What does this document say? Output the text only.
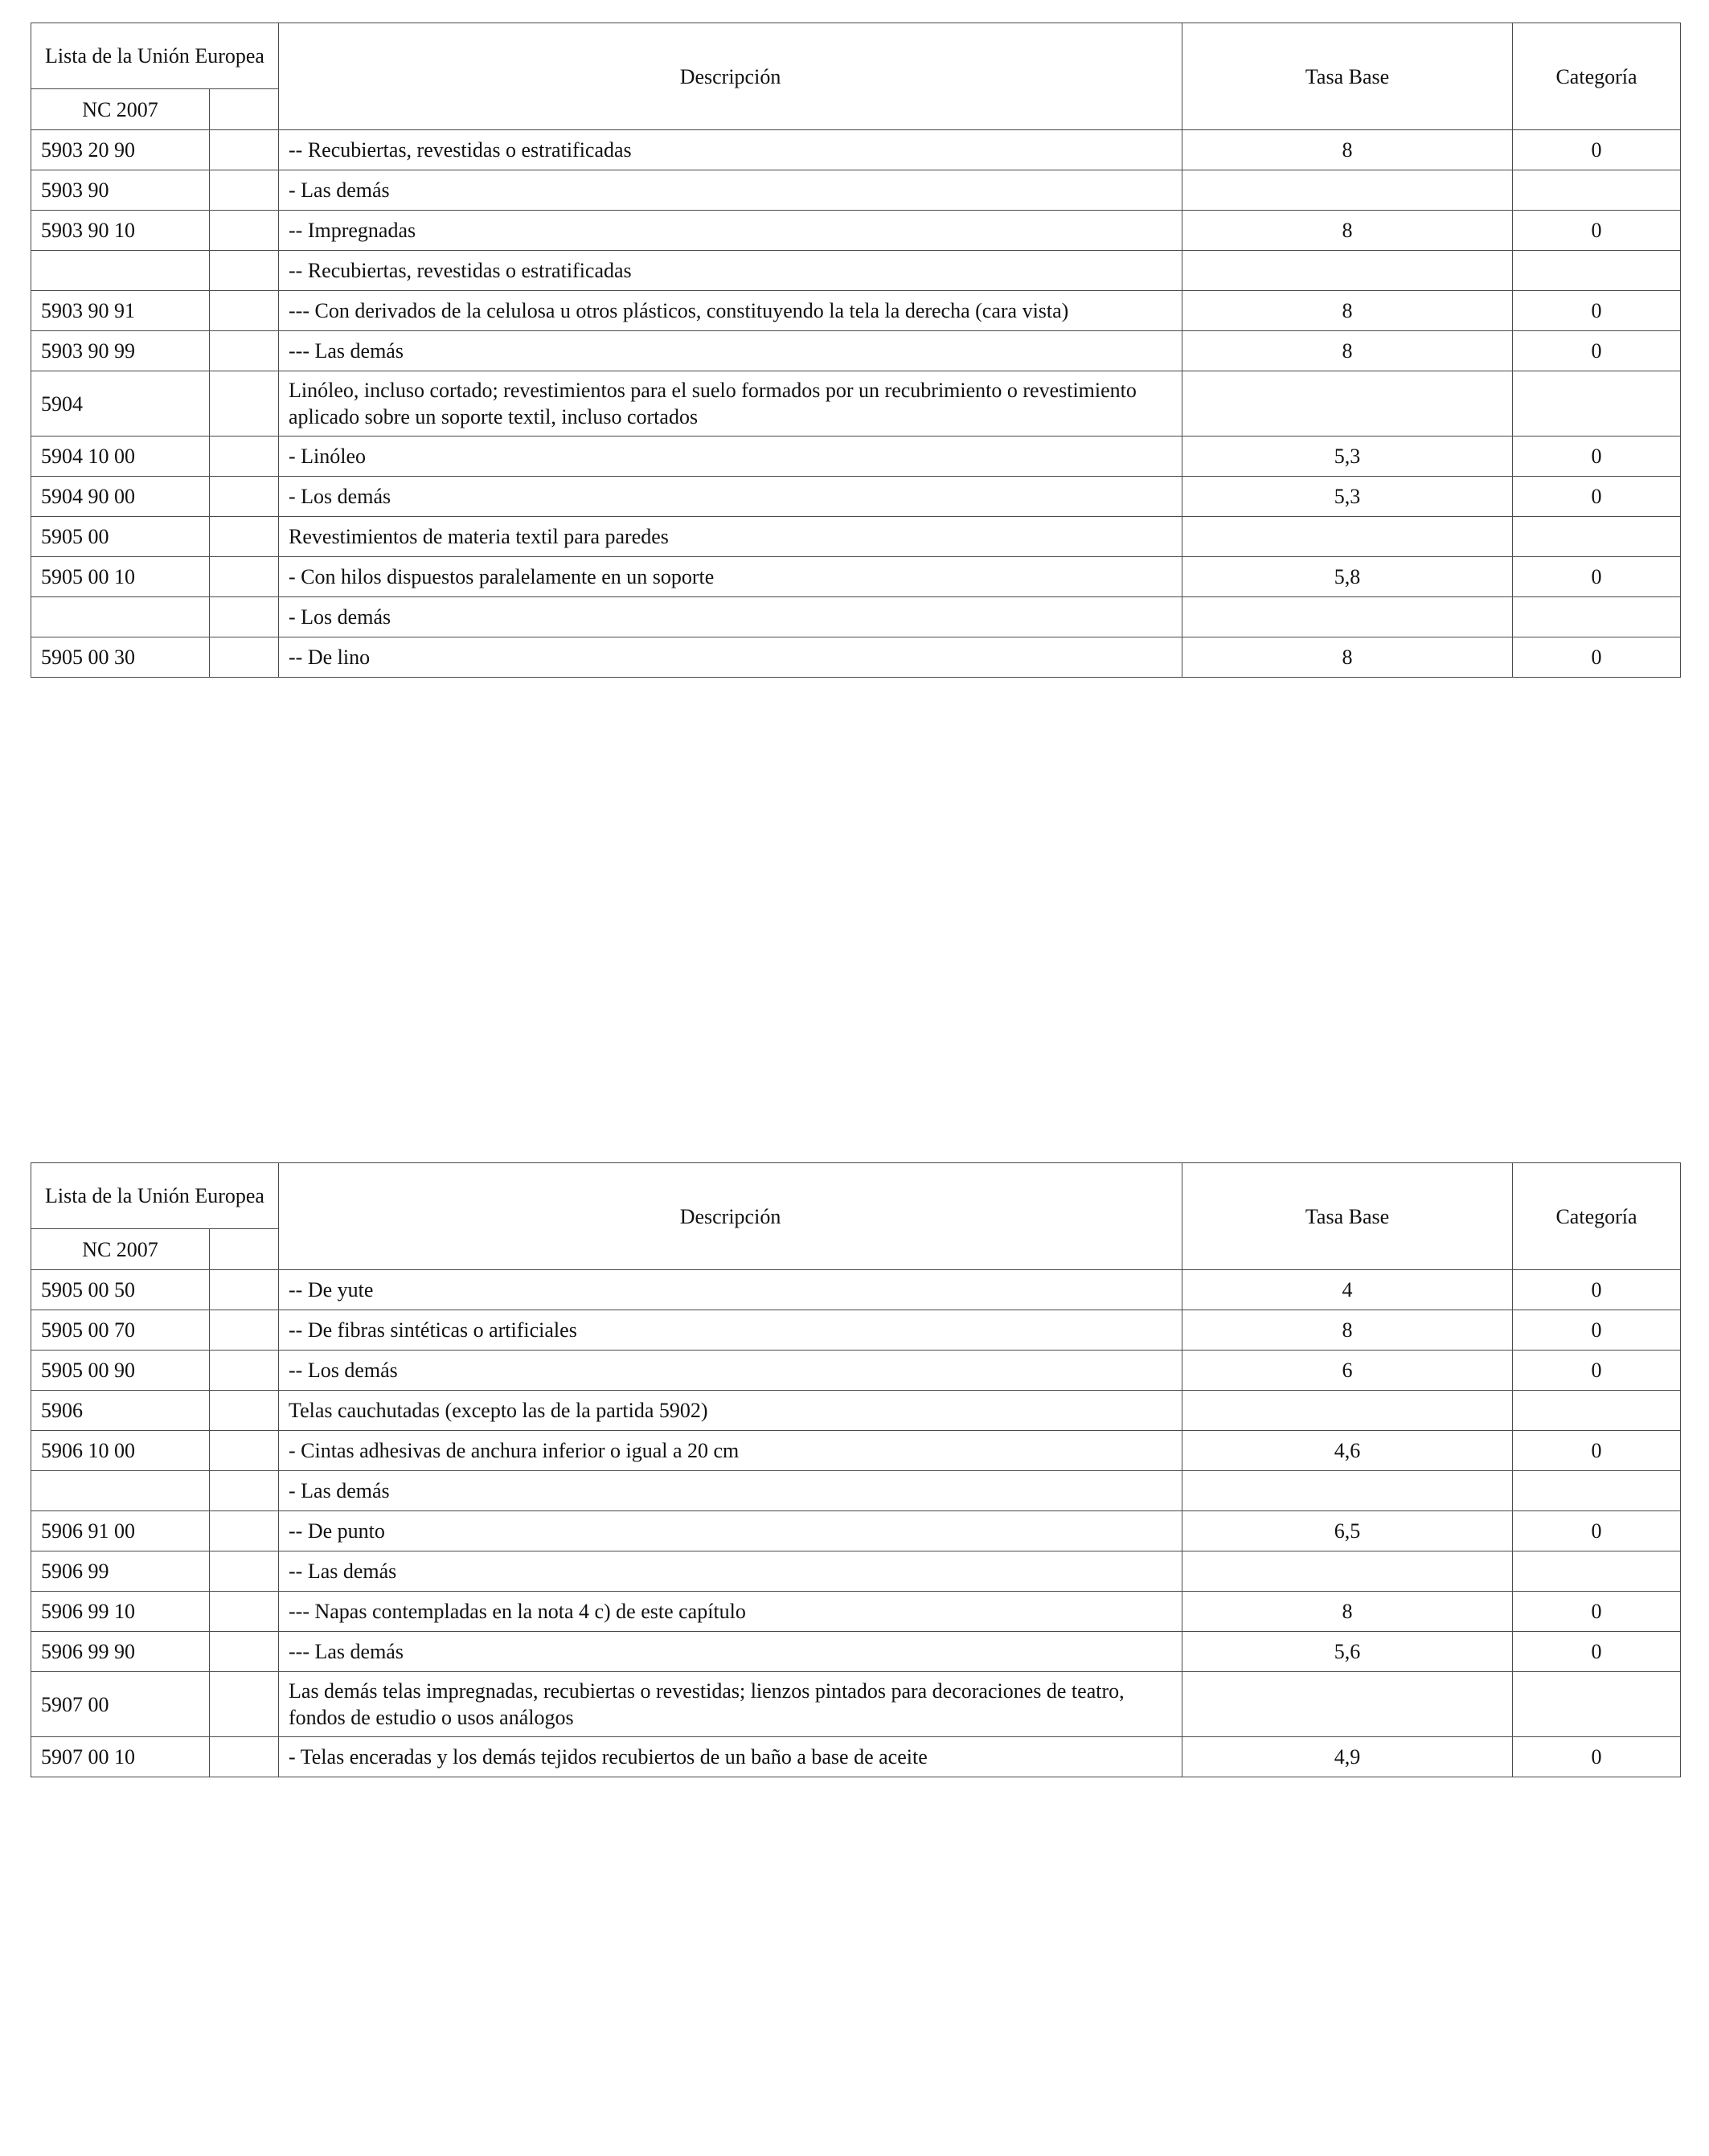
Lista de la Unión Europea		Descripción	Tasa Base	Categoría
NC 2007				
5903 20 90		-- Recubiertas, revestidas o estratificadas	8	0
5903 90		- Las demás		
5903 90 10		-- Impregnadas	8	0
		-- Recubiertas, revestidas o estratificadas		
5903 90 91		--- Con derivados de la celulosa u otros plásticos, constituyendo la tela la derecha (cara vista)	8	0
5903 90 99		--- Las demás	8	0
5904		Linóleo, incluso cortado; revestimientos para el suelo formados por un recubrimiento o revestimiento aplicado sobre un soporte textil, incluso cortados		
5904 10 00		- Linóleo	5,3	0
5904 90 00		- Los demás	5,3	0
5905 00		Revestimientos de materia textil para paredes		
5905 00 10		- Con hilos dispuestos paralelamente en un soporte	5,8	0
		- Los demás		
5905 00 30		-- De lino	8	0
Lista de la Unión Europea		Descripción	Tasa Base	Categoría
NC 2007				
5905 00 50		-- De yute	4	0
5905 00 70		-- De fibras sintéticas o artificiales	8	0
5905 00 90		-- Los demás	6	0
5906		Telas cauchutadas (excepto las de la partida 5902)		
5906 10 00		- Cintas adhesivas de anchura inferior o igual a 20 cm	4,6	0
		- Las demás		
5906 91 00		-- De punto	6,5	0
5906 99		-- Las demás		
5906 99 10		--- Napas contempladas en la nota 4 c) de este capítulo	8	0
5906 99 90		--- Las demás	5,6	0
5907 00		Las demás telas impregnadas, recubiertas o revestidas; lienzos pintados para decoraciones de teatro, fondos de estudio o usos análogos		
5907 00 10		- Telas enceradas y los demás tejidos recubiertos de un baño a base de aceite	4,9	0
